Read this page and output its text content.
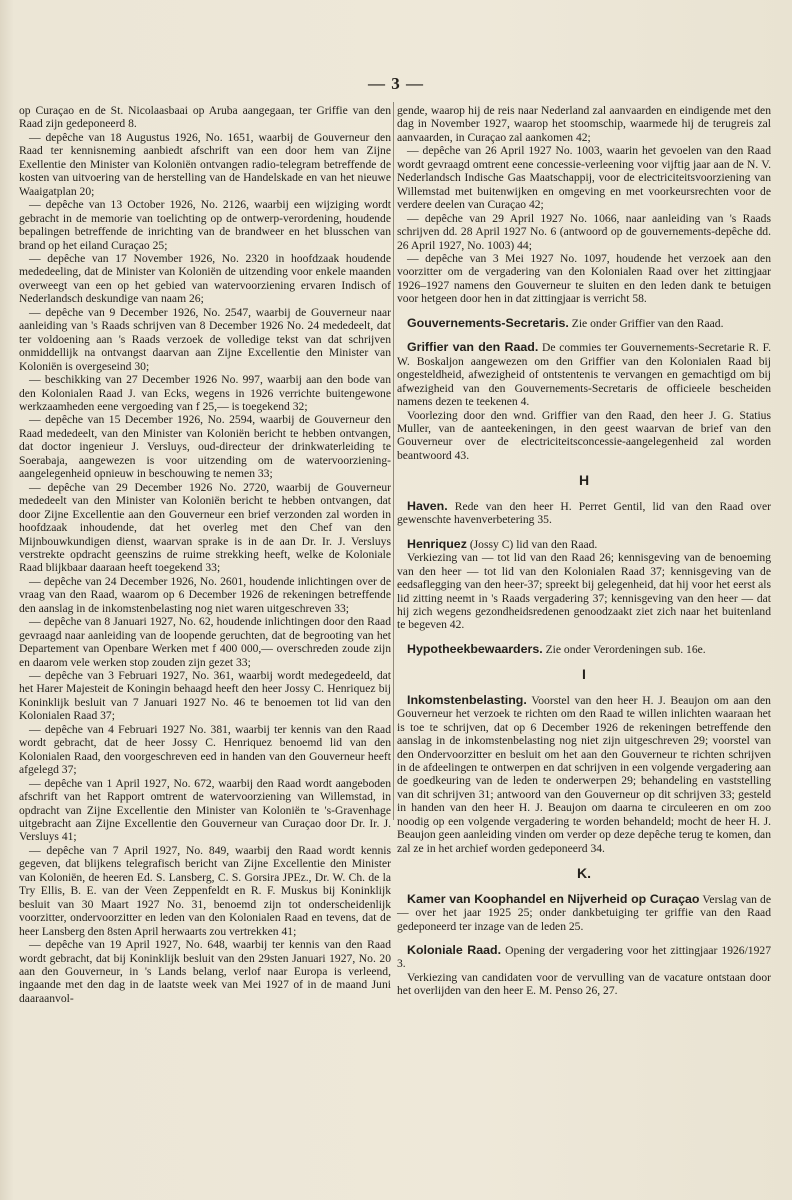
— 3 —

op Curaçao en de St. Nicolaasbaai op Aruba aangegaan, ter Griffie van den Raad zijn gedeponeerd 8.

— depêche van 18 Augustus 1926, No. 1651, waarbij de Gouverneur den Raad ter kennisneming aanbiedt afschrift van een door hem van Zijne Exellentie den Minister van Koloniën ontvangen radio-telegram betreffende de kosten van uitvoering van de herstelling van de Handelskade en van het nieuwe Waaigatplan 20;

— depêche van 13 October 1926, No. 2126, waarbij een wijziging wordt gebracht in de memorie van toelichting op de ontwerp-verordening, houdende bepalingen betreffende de inrichting van de brandweer en het blusschen van brand op het eiland Curaçao 25;

— depêche van 17 November 1926, No. 2320 in hoofdzaak houdende mededeeling, dat de Minister van Koloniën de uitzending voor enkele maanden overweegt van een op het gebied van watervoorziening ervaren Indisch of Nederlandsch deskundige van naam 26;

— depêche van 9 December 1926, No. 2547, waarbij de Gouverneur naar aanleiding van 's Raads schrijven van 8 December 1926 No. 24 mededeelt, dat ter voldoening aan 's Raads verzoek de volledige tekst van dat schrijven onmiddellijk na ontvangst daarvan aan Zijne Excellentie den Minister van Koloniën is overgeseind 30;

— beschikking van 27 December 1926 No. 997, waarbij aan den bode van den Kolonialen Raad J. van Ecks, wegens in 1926 verrichte buitengewone werkzaamheden eene vergoeding van f 25,— is toegekend 32;

— depêche van 15 December 1926, No. 2594, waarbij de Gouverneur den Raad mededeelt, van den Minister van Koloniën bericht te hebben ontvangen, dat doctor ingenieur J. Versluys, oud-directeur der drinkwaterleiding te Soerabaja, aangewezen is voor uitzending om de watervoorziening-aangelegenheid opnieuw in beschouwing te nemen 33;

— depêche van 29 December 1926 No. 2720, waarbij de Gouverneur mededeelt van den Minister van Koloniën bericht te hebben ontvangen, dat door Zijne Excellentie aan den Gouverneur een brief verzonden zal worden in hoofdzaak inhoudende, dat het overleg met den Chef van den Mijnbouwkundigen dienst, waarvan sprake is in de aan Dr. Ir. J. Versluys verstrekte opdracht geenszins de ruime strekking heeft, welke de Koloniale Raad blijkbaar daaraan heeft toegekend 33;

— depêche van 24 December 1926, No. 2601, houdende inlichtingen over de vraag van den Raad, waarom op 6 December 1926 de rekeningen betreffende den aanslag in de inkomstenbelasting nog niet waren uitgeschreven 33;

— depêche van 8 Januari 1927, No. 62, houdende inlichtingen door den Raad gevraagd naar aanleiding van de loopende geruchten, dat de begrooting van het Departement van Openbare Werken met f 400 000,— overschreden zoude zijn en daarom vele werken stop zouden zijn gezet 33;

— depêche van 3 Februari 1927, No. 361, waarbij wordt medegedeeld, dat het Harer Majesteit de Koningin behaagd heeft den heer Jossy C. Henriquez bij Koninklijk besluit van 7 Januari 1927 No. 46 te benoemen tot lid van den Kolonialen Raad 37;

— depêche van 4 Februari 1927 No. 381, waarbij ter kennis van den Raad wordt gebracht, dat de heer Jossy C. Henriquez benoemd lid van den Kolonialen Raad, den voorgeschreven eed in handen van den Gouverneur heeft afgelegd 37;

— depêche van 1 April 1927, No. 672, waarbij den Raad wordt aangeboden afschrift van het Rapport omtrent de watervoorziening van Willemstad, in opdracht van Zijne Excellentie den Minister van Koloniën te 's-Gravenhage uitgebracht aan Zijne Excellentie den Gouverneur van Curaçao door Dr. Ir. J. Versluys 41;

— depêche van 7 April 1927, No. 849, waarbij den Raad wordt kennis gegeven, dat blijkens telegrafisch bericht van Zijne Excellentie den Minister van Koloniën, de heeren Ed. S. Lansberg, C. S. Gorsira JPEz., Dr. W. Ch. de la Try Ellis, B. E. van der Veen Zeppenfeldt en R. F. Muskus bij Koninklijk besluit van 30 Maart 1927 No. 31, benoemd zijn tot onderscheidenlijk voorzitter, ondervoorzitter en leden van den Kolonialen Raad en tevens, dat de heer Lansberg den 8sten April herwaarts zou vertrekken 41;

— depêche van 19 April 1927, No. 648, waarbij ter kennis van den Raad wordt gebracht, dat bij Koninklijk besluit van den 29sten Januari 1927, No. 20 aan den Gouverneur, in 's Lands belang, verlof naar Europa is verleend, ingaande met den dag in de laatste week van Mei 1927 of in de maand Juni daaraanvol-

gende, waarop hij de reis naar Nederland zal aanvaarden en eindigende met den dag in November 1927, waarop het stoomschip, waarmede hij de terugreis zal aanvaarden, in Curaçao zal aankomen 42;

— depêche van 26 April 1927 No. 1003, waarin het gevoelen van den Raad wordt gevraagd omtrent eene concessie-verleening voor vijftig jaar aan de N. V. Nederlandsch Indische Gas Maatschappij, voor de electriciteitsvoorziening van Willemstad met buitenwijken en omgeving en met voorkeursrechten voor de verdere deelen van Curaçao 42;

— depêche van 29 April 1927 No. 1066, naar aanleiding van 's Raads schrijven dd. 28 April 1927 No. 6 (antwoord op de gouvernements-depêche dd. 26 April 1927, No. 1003) 44;

— depêche van 3 Mei 1927 No. 1097, houdende het verzoek aan den voorzitter om de vergadering van den Kolonialen Raad over het zittingjaar 1926–1927 namens den Gouverneur te sluiten en den leden dank te betuigen voor hetgeen door hen in dat zittingjaar is verricht 58.

Gouvernements-Secretaris. Zie onder Griffier van den Raad.

Griffier van den Raad. De commies ter Gouvernements-Secretarie R. F. W. Boskaljon aangewezen om den Griffier van den Kolonialen Raad bij ongesteldheid, afwezigheid of ontstentenis te vervangen en gemachtigd om bij afwezigheid van den Gouvernements-Secretaris de officieele bescheiden namens dezen te teekenen 4.

Voorlezing door den wnd. Griffier van den Raad, den heer J. G. Statius Muller, van de aanteekeningen, in den geest waarvan de brief van den Gouverneur over de electriciteitsconcessie-aangelegenheid zal worden beantwoord 43.

H

Haven. Rede van den heer H. Perret Gentil, lid van den Raad over gewenschte havenverbetering 35.

Henriquez (Jossy C) lid van den Raad.

Verkiezing van — tot lid van den Raad 26; kennisgeving van de benoeming van den heer — tot lid van den Kolonialen Raad 37; kennisgeving van de eedsaflegging van den heer-37; spreekt bij gelegenheid, dat hij voor het eerst als lid zitting neemt in 's Raads vergadering 37; kennisgeving van den heer — dat hij zich wegens gezondheidsredenen genoodzaakt ziet zich naar het buitenland te begeven 42.

Hypotheekbewaarders. Zie onder Verordeningen sub. 16e.

I

Inkomstenbelasting. Voorstel van den heer H. J. Beaujon om aan den Gouverneur het verzoek te richten om den Raad te willen inlichten waaraan het is toe te schrijven, dat op 6 December 1926 de rekeningen betreffende den aanslag in de inkomstenbelasting nog niet zijn uitgeschreven 29; voorstel van den Ondervoorzitter en besluit om het aan den Gouverneur te richten schrijven in de afdeelingen te ontwerpen en dat schrijven in een volgende vergadering aan de goedkeuring van de leden te onderwerpen 29; behandeling en vaststelling van dit schrijven 31; antwoord van den Gouverneur op dit schrijven 33; gesteld in handen van den heer H. J. Beaujon om daarna te circuleeren en om zoo noodig op een volgende vergadering te worden behandeld; mocht de heer H. J. Beaujon geen aanleiding vinden om verder op deze depêche terug te komen, dan zal ze in het archief worden gedeponeerd 34.

K.

Kamer van Koophandel en Nijverheid op Curaçao Verslag van de — over het jaar 1925 25; onder dankbetuiging ter griffie van den Raad gedeponeerd ter inzage van de leden 25.

Koloniale Raad. Opening der vergadering voor het zittingjaar 1926/1927 3.

Verkiezing van candidaten voor de vervulling van de vacature ontstaan door het overlijden van den heer E. M. Penso 26, 27.
